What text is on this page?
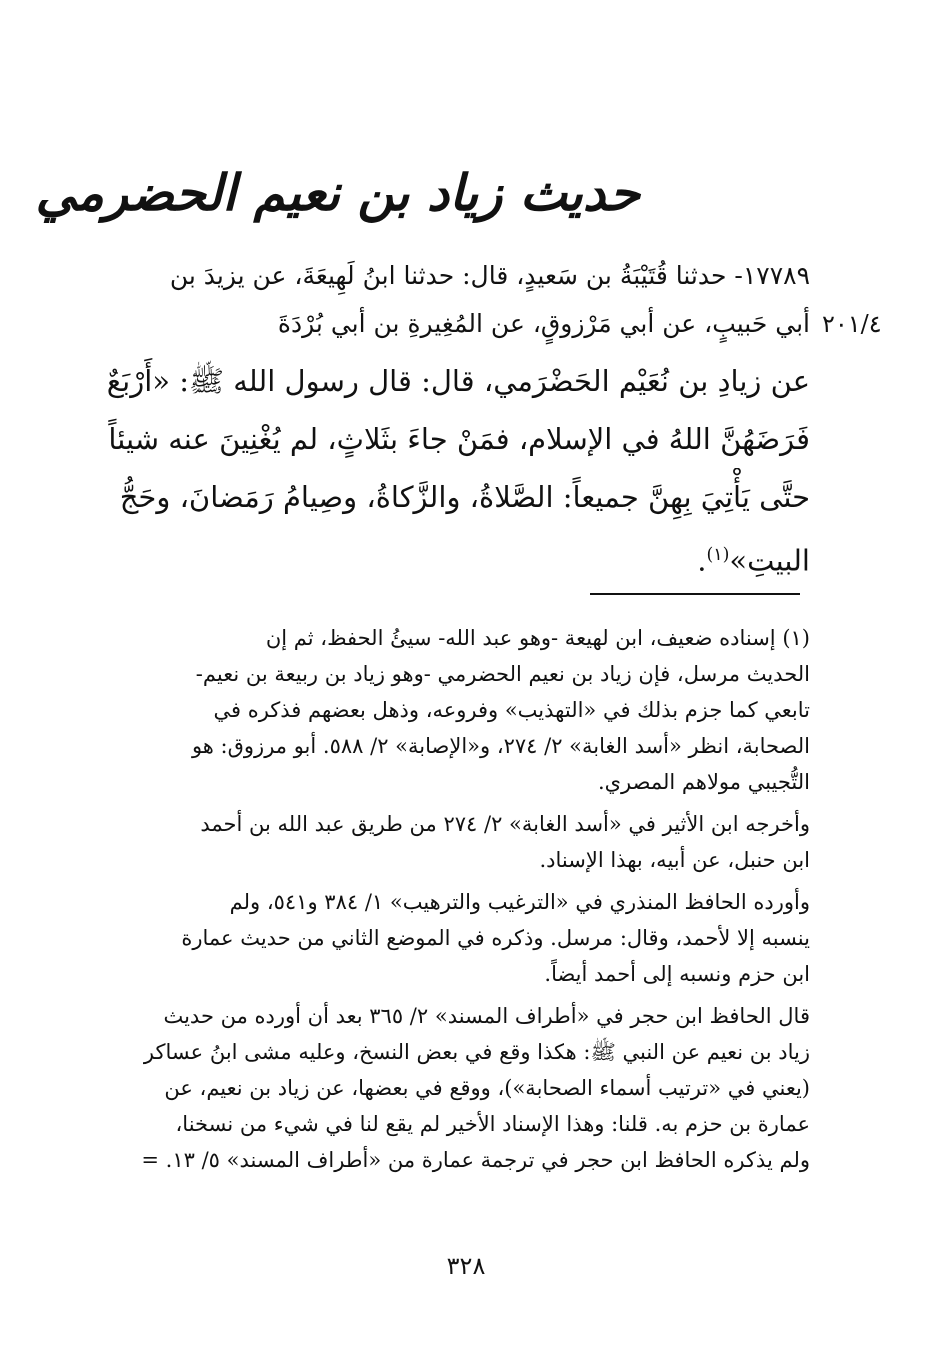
حديث زياد بن نعيم الحضرمي
١٧٧٨٩- حدثنا قُتَيْبَةُ بن سَعيدٍ، قال: حدثنا ابنُ لَهِيعَةَ، عن يزيدَ بن
أبي حَبيبٍ، عن أبي مَرْزوقٍ، عن المُغِيرةِ بن أبي بُرْدَةَ ٢٠١/٤
عن زيادِ بن نُعَيْم الحَضْرَمي، قال: قال رسول الله ﷺ: «أَرْبَعٌ
فَرَضَهُنَّ اللهُ في الإسلام، فمَنْ جاءَ بثَلاثٍ، لم يُغْنِينَ عنه شيئاً
حتَّى يَأْتِيَ بِهِنَّ جميعاً: الصَّلاةُ، والزَّكاةُ، وصِيامُ رَمَضانَ، وحَجُّ
البيتِ»$^{(١)}$.
(١) إسناده ضعيف، ابن لهيعة -وهو عبد الله- سيئُ الحفظ، ثم إن
الحديث مرسل، فإن زياد بن نعيم الحضرمي -وهو زياد بن ربيعة بن نعيم-
تابعي كما جزم بذلك في «التهذيب» وفروعه، وذهل بعضهم فذكره في
الصحابة، انظر «أسد الغابة» ٢/ ٢٧٤، و«الإصابة» ٢/ ٥٨٨. أبو مرزوق: هو
التُّجيبي مولاهم المصري.
وأخرجه ابن الأثير في «أسد الغابة» ٢/ ٢٧٤ من طريق عبد الله بن أحمد
ابن حنبل، عن أبيه، بهذا الإسناد.
وأورده الحافظ المنذري في «الترغيب والترهيب» ١/ ٣٨٤ و٥٤١، ولم
ينسبه إلا لأحمد، وقال: مرسل. وذكره في الموضع الثاني من حديث عمارة
ابن حزم ونسبه إلى أحمد أيضاً.
قال الحافظ ابن حجر في «أطراف المسند» ٢/ ٣٦٥ بعد أن أورده من حديث
زياد بن نعيم عن النبي ﷺ: هكذا وقع في بعض النسخ، وعليه مشى ابنُ عساكر
(يعني في «ترتيب أسماء الصحابة»)، ووقع في بعضها، عن زياد بن نعيم، عن
عمارة بن حزم به. قلنا: وهذا الإسناد الأخير لم يقع لنا في شيء من نسخنا،
ولم يذكره الحافظ ابن حجر في ترجمة عمارة من «أطراف المسند» ٥/ ١٣. =
٣٢٨
